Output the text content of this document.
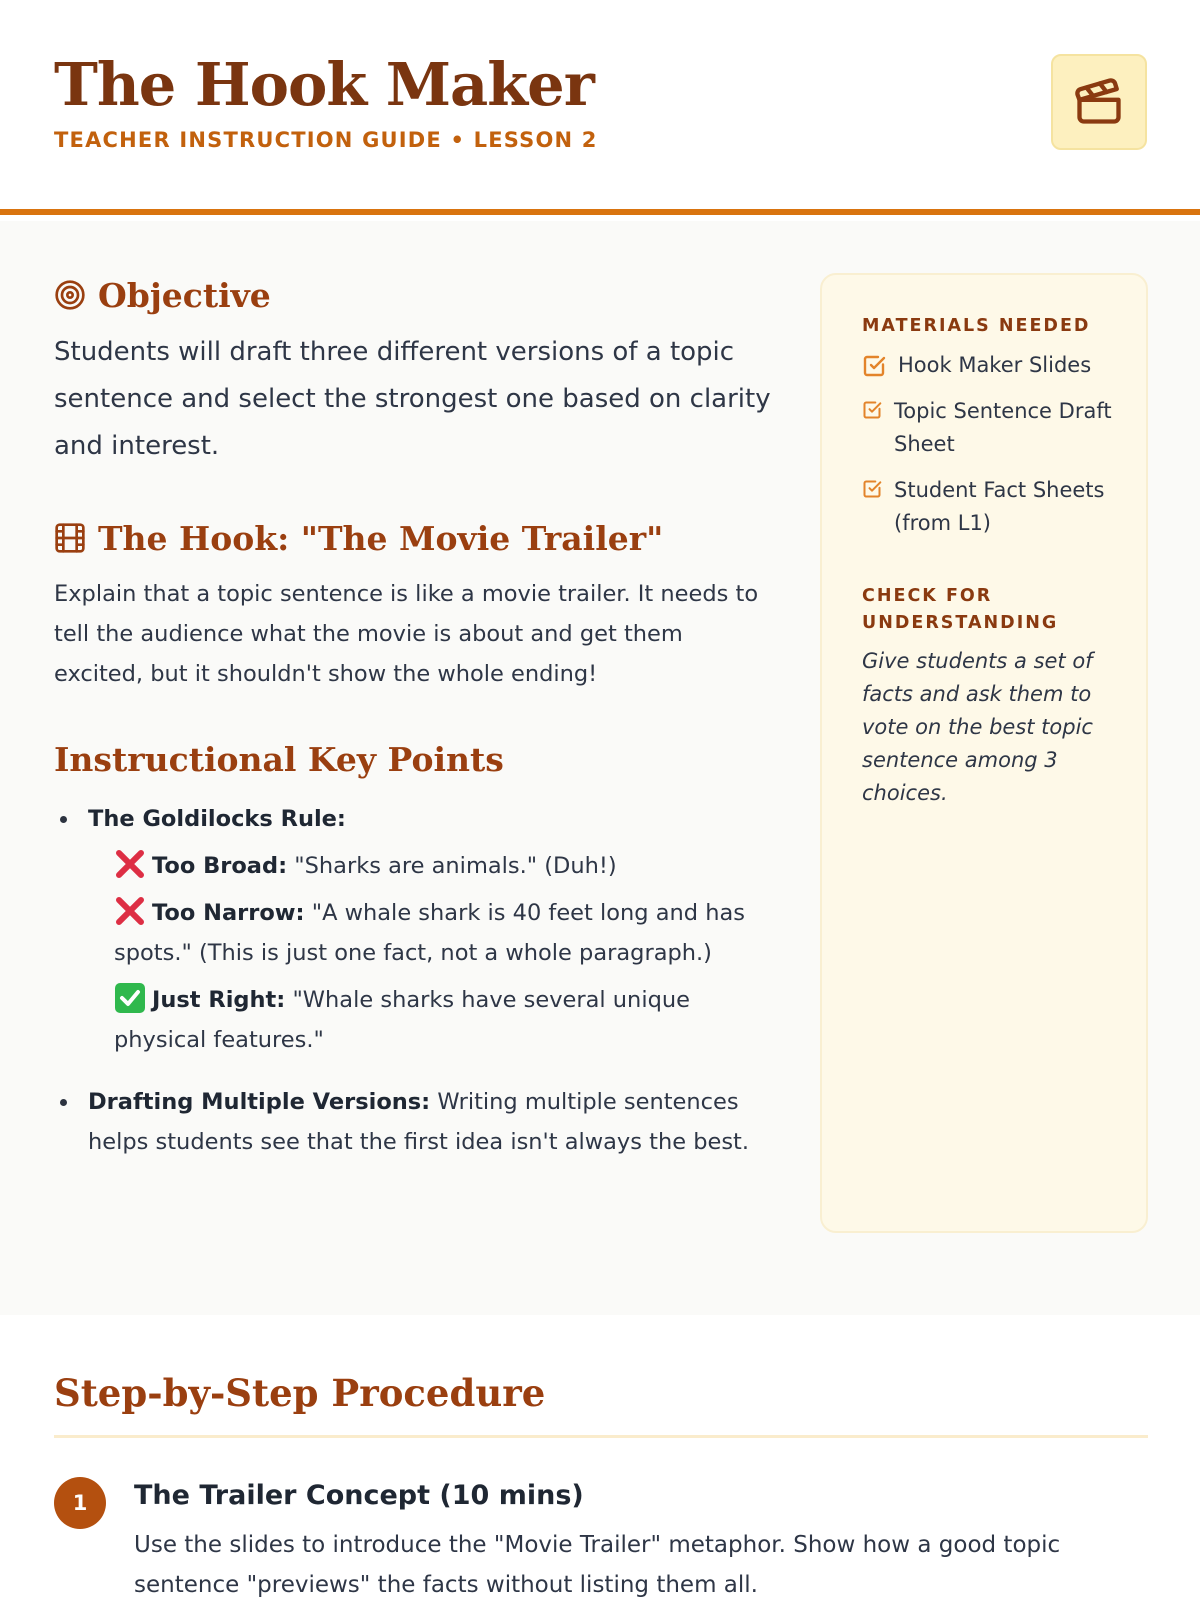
The Hook Maker
TEACHER INSTRUCTION GUIDE • LESSON 2
Objective

Students will draft three different versions of a topic sentence and select the strongest one based on clarity and interest.

The Hook: "The Movie Trailer"

Explain that a topic sentence is like a movie trailer. It needs to tell the audience what the movie is about and get them excited, but it shouldn't show the whole ending!

Instructional Key Points
The Goldilocks Rule:
Too Broad: "Sharks are animals." (Duh!)
Too Narrow: "A whale shark is 40 feet long and has spots." (This is just one fact, not a whole paragraph.)
Just Right: "Whale sharks have several unique physical features."
Drafting Multiple Versions: Writing multiple sentences helps students see that the first idea isn't always the best.
MATERIALS NEEDED
Hook Maker Slides
Topic Sentence Draft Sheet
Student Fact Sheets (from L1)
CHECK FOR UNDERSTANDING

Give students a set of facts and ask them to vote on the best topic sentence among 3 choices.

Step-by-Step Procedure
1	The Trailer Concept (10 mins)

Use the slides to introduce the "Movie Trailer" metaphor. Show how a good topic sentence "previews" the facts without listing them all.
